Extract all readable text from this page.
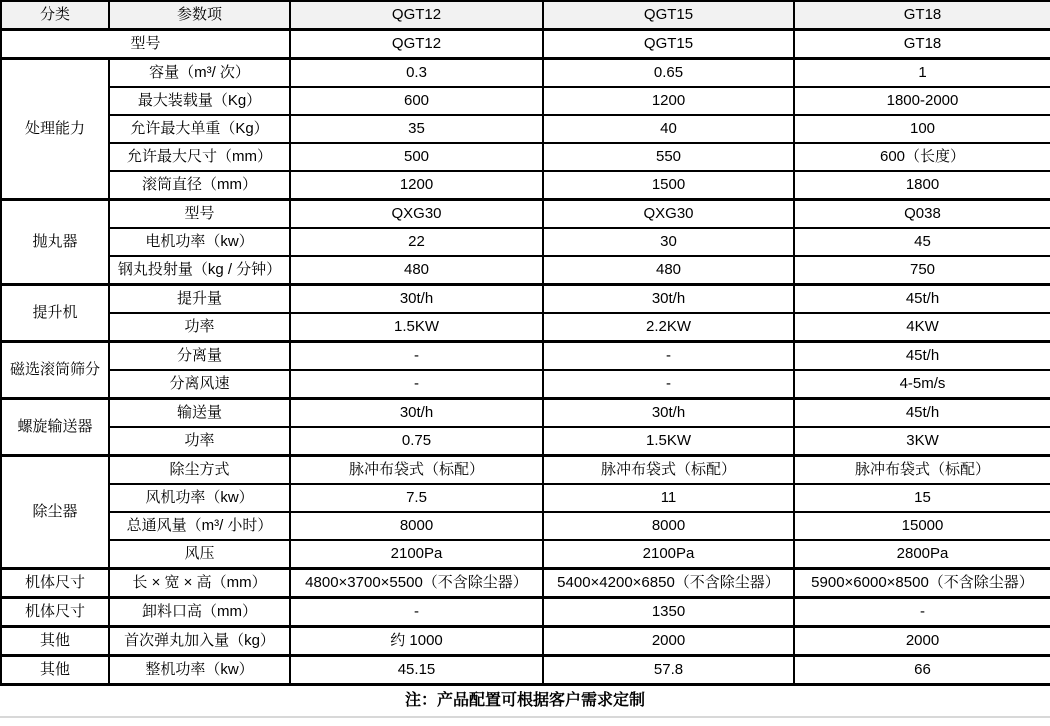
分类	参数项	QGT12	QGT15	GT18
型号		QGT12	QGT15	GT18
处理能力	容量（m³/ 次）	0.3	0.65	1
	最大装载量（Kg）	600	1200	1800-2000
	允许最大单重（Kg）	35	40	100
	允许最大尺寸（mm）	500	550	600（长度）
	滚筒直径（mm）	1200	1500	1800
抛丸器	型号	QXG30	QXG30	Q038
	电机功率（kw）	22	30	45
	钢丸投射量（kg / 分钟）	480	480	750
提升机	提升量	30t/h	30t/h	45t/h
	功率	1.5KW	2.2KW	4KW
磁选滚筒筛分	分离量	-	-	45t/h
	分离风速	-	-	4-5m/s
螺旋输送器	输送量	30t/h	30t/h	45t/h
	功率	0.75	1.5KW	3KW
除尘器	除尘方式	脉冲布袋式（标配）	脉冲布袋式（标配）	脉冲布袋式（标配）
	风机功率（kw）	7.5	11	15
	总通风量（m³/ 小时）	8000	8000	15000
	风压	2100Pa	2100Pa	2800Pa
机体尺寸	长 × 宽 × 高（mm）	4800×3700×5500（不含除尘器）	5400×4200×6850（不含除尘器）	5900×6000×8500（不含除尘器）
机体尺寸	卸料口高（mm）	-	1350	-
其他	首次弹丸加入量（kg）	约 1000	2000	2000
其他	整机功率（kw）	45.15	57.8	66
注：产品配置可根据客户需求定制
